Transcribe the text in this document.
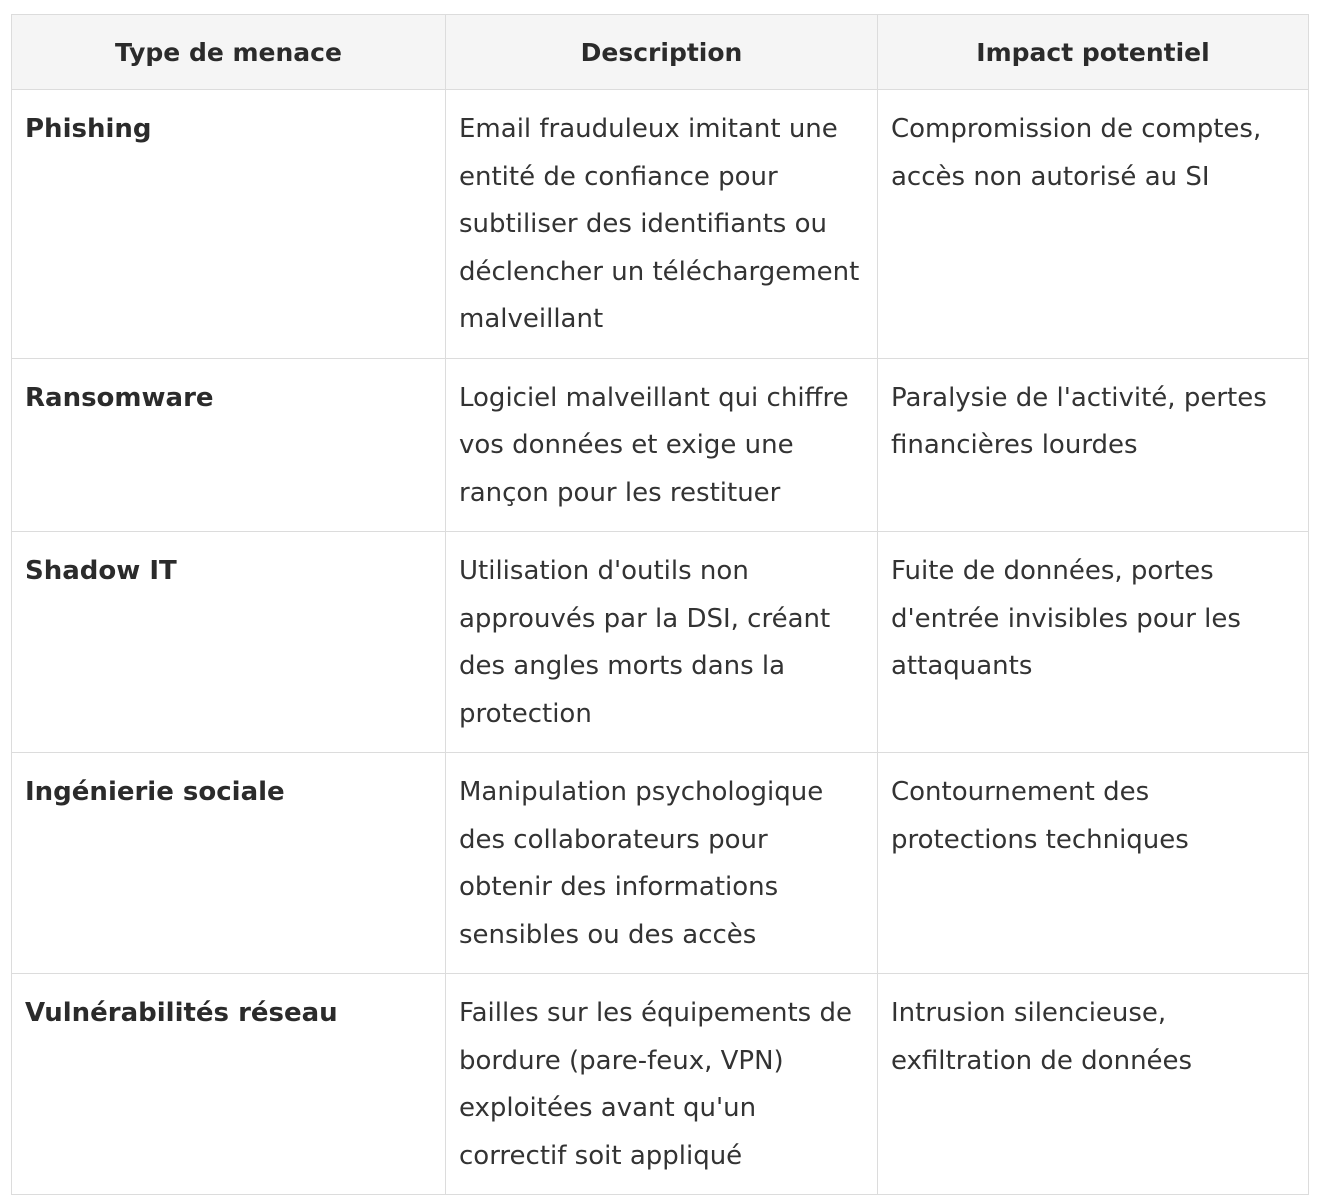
Type de menace	Description	Impact potentiel
Phishing	Email frauduleux imitant une entité de confiance pour subtiliser des identifiants ou déclencher un téléchargement malveillant	Compromission de comptes, accès non autorisé au SI
Ransomware	Logiciel malveillant qui chiffre vos données et exige une rançon pour les restituer	Paralysie de l'activité, pertes financières lourdes
Shadow IT	Utilisation d'outils non approuvés par la DSI, créant des angles morts dans la protection	Fuite de données, portes d'entrée invisibles pour les attaquants
Ingénierie sociale	Manipulation psychologique des collaborateurs pour obtenir des informations sensibles ou des accès	Contournement des protections techniques
Vulnérabilités réseau	Failles sur les équipements de bordure (pare-feux, VPN) exploitées avant qu'un correctif soit appliqué	Intrusion silencieuse, exfiltration de données
